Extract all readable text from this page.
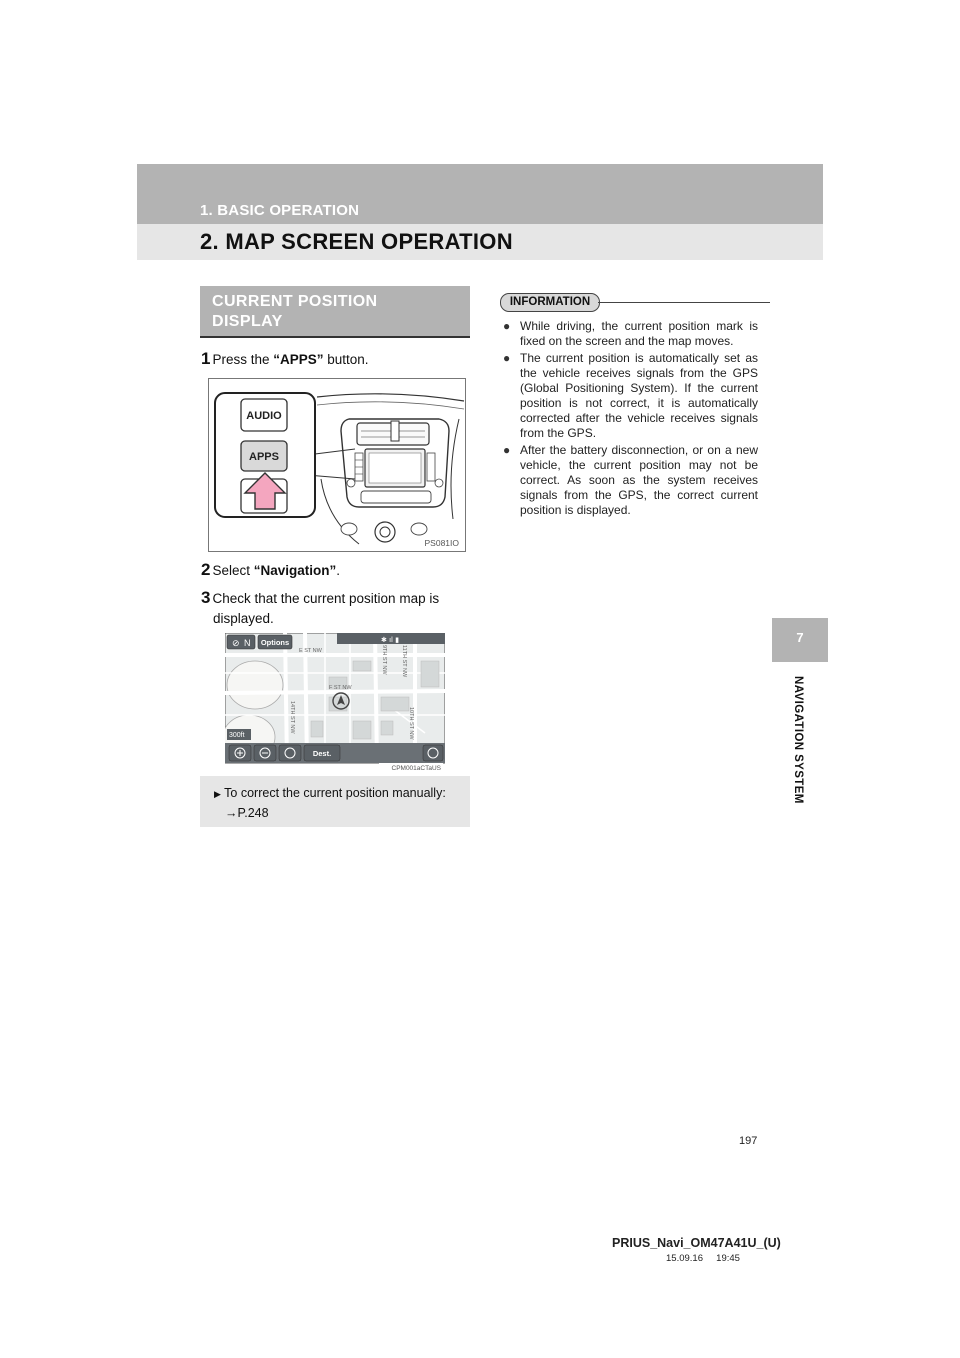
1. BASIC OPERATION
2. MAP SCREEN OPERATION
7
NAVIGATION SYSTEM
CURRENT POSITION
DISPLAY
1 Press the “APPS” button.
AUDIO
APPS
PS081IO
2 Select “Navigation”.
3 Check that the current position map is
displayed.
E ST NW
F ST NW
9TH ST NW	11TH ST NW
10TH ST NW
14TH ST NW
⊘ N Options	✱ ıl ▮
300ft
Dest.
CPM001aCTaUS
▶ To correct the current position manually:
→P.248
INFORMATION
● While driving, the current position mark is fixed on the screen and the map moves.
● The current position is automatically set as the vehicle receives signals from the GPS (Global Positioning System). If the current position is not correct, it is automatically corrected after the vehicle receives signals from the GPS.
● After the battery disconnection, or on a new vehicle, the current position may not be correct. As soon as the system receives signals from the GPS, the correct current position is displayed.
197
PRIUS_Navi_OM47A41U_(U)
15.09.16     19:45
